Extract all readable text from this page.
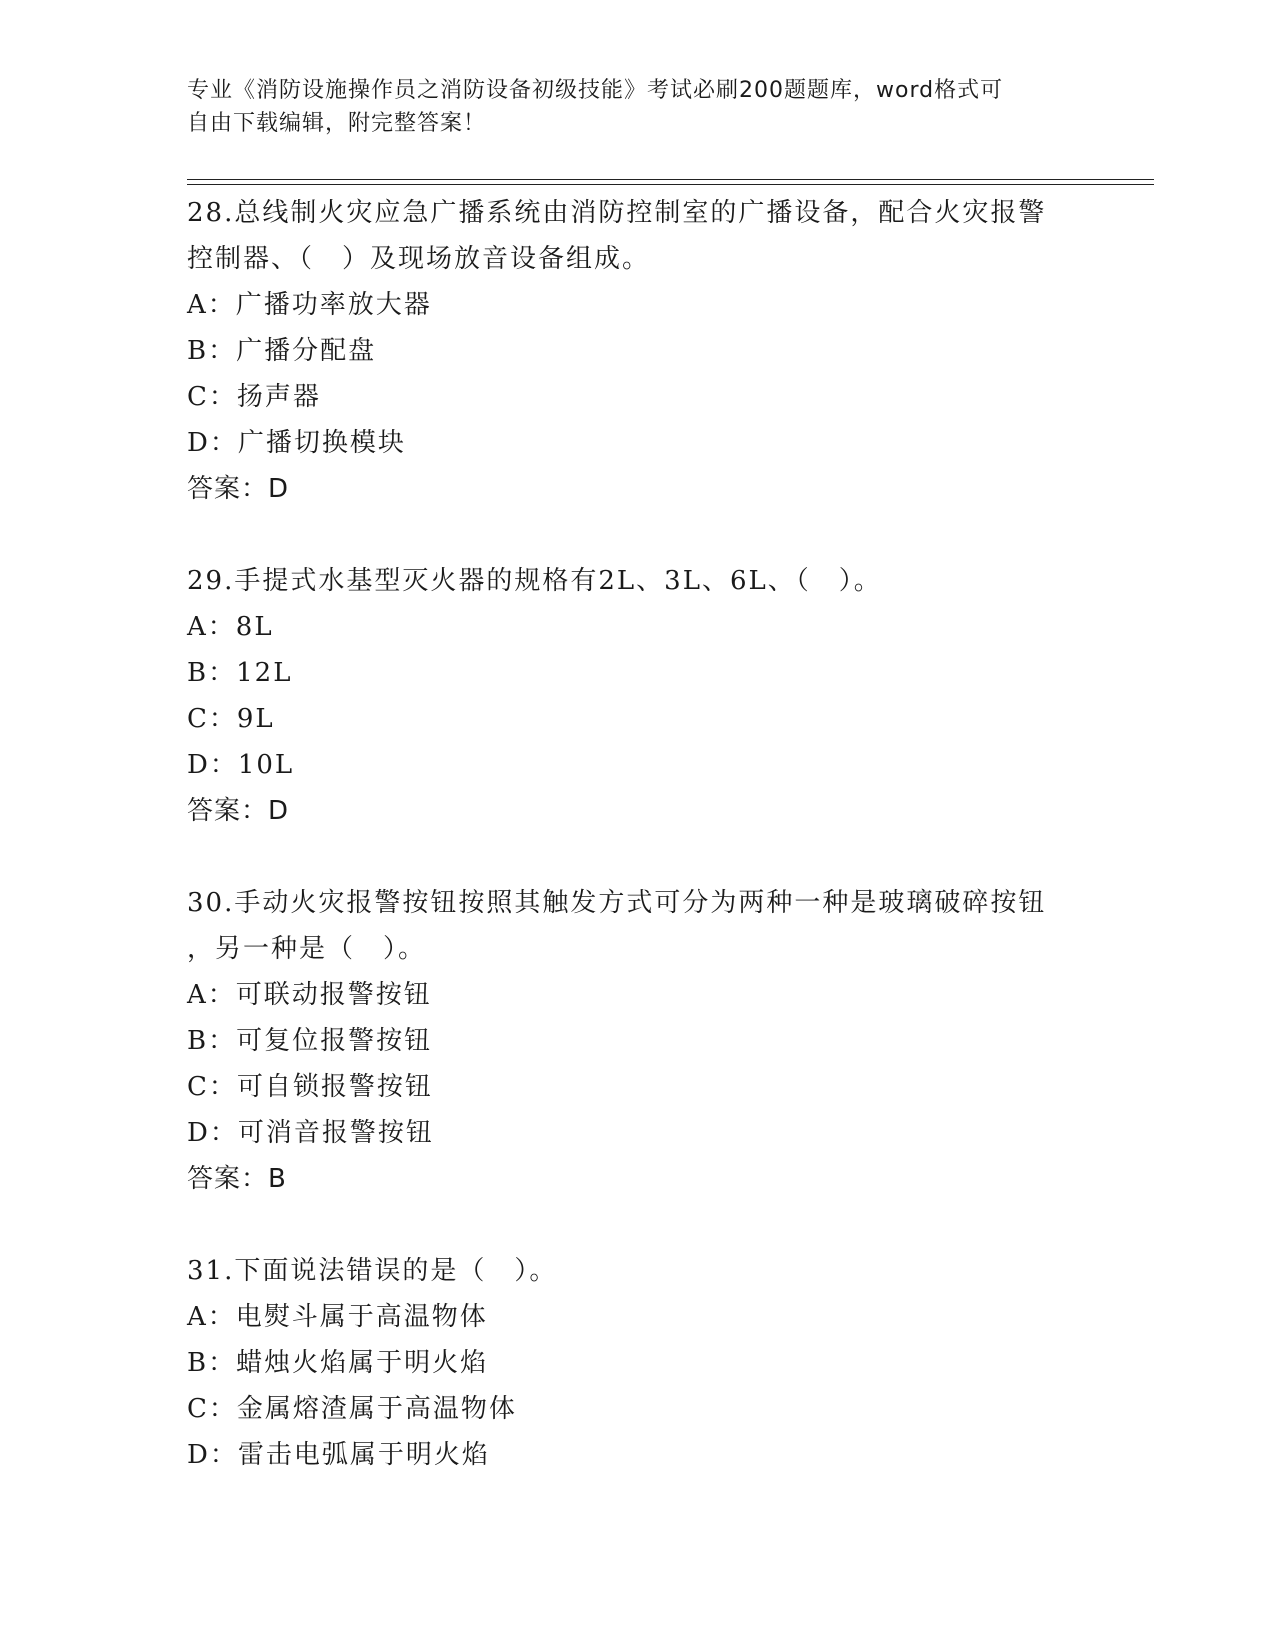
专业《消防设施操作员之消防设备初级技能》考试必刷200题题库，word格式可

自由下载编辑，附完整答案！

28.总线制火灾应急广播系统由消防控制室的广播设备，配合火灾报警

控制器、（　）及现场放音设备组成。

A：广播功率放大器

B：广播分配盘

C：扬声器

D：广播切换模块

答案：D

29.手提式水基型灭火器的规格有2L、3L、6L、（　）。

A：8L

B：12L

C：9L

D：10L

答案：D

30.手动火灾报警按钮按照其触发方式可分为两种一种是玻璃破碎按钮

，另一种是（　）。

A：可联动报警按钮

B：可复位报警按钮

C：可自锁报警按钮

D：可消音报警按钮

答案：B

31.下面说法错误的是（　）。

A：电熨斗属于高温物体

B：蜡烛火焰属于明火焰

C：金属熔渣属于高温物体

D：雷击电弧属于明火焰
